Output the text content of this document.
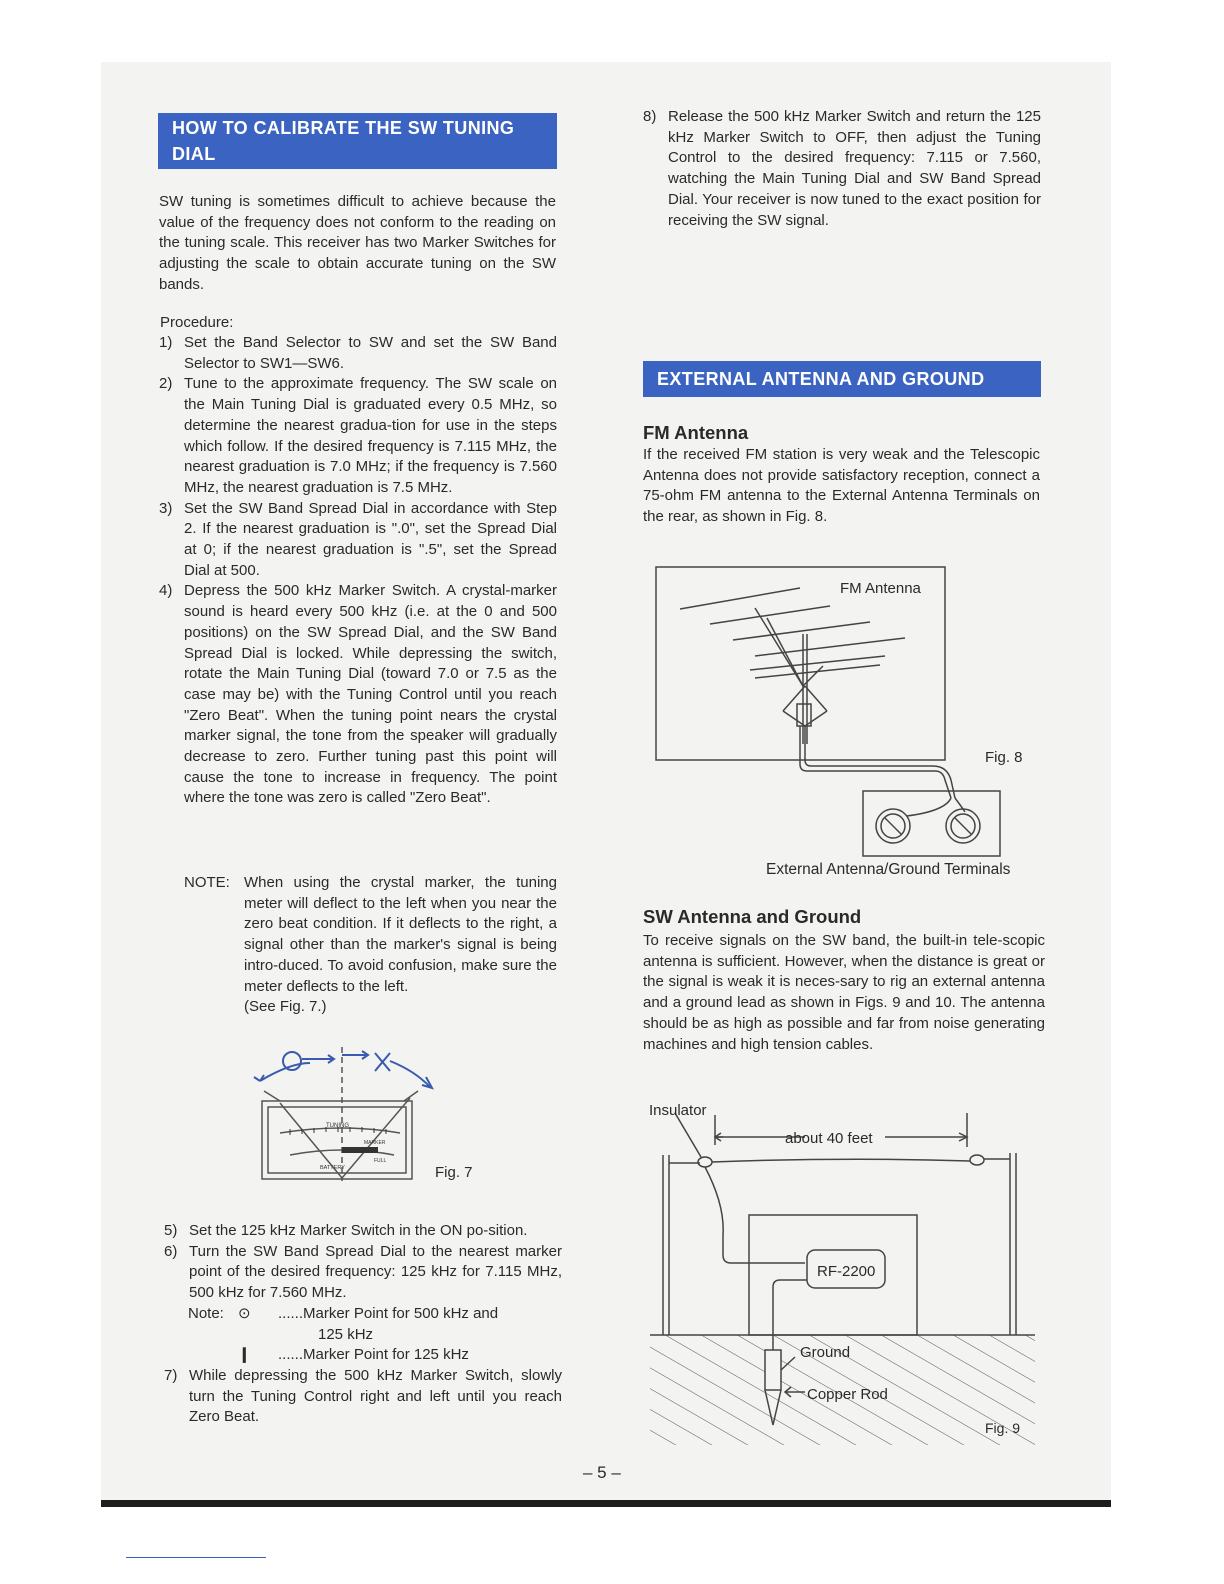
HOW TO CALIBRATE THE SW TUNING DIAL
SW tuning is sometimes difficult to achieve because the value of the frequency does not conform to the reading on the tuning scale. This receiver has two Marker Switches for adjusting the scale to obtain accurate tuning on the SW bands.
Procedure:
1) Set the Band Selector to SW and set the SW Band Selector to SW1—SW6.
2) Tune to the approximate frequency. The SW scale on the Main Tuning Dial is graduated every 0.5 MHz, so determine the nearest gradua-tion for use in the steps which follow. If the desired frequency is 7.115 MHz, the nearest graduation is 7.0 MHz; if the frequency is 7.560 MHz, the nearest graduation is 7.5 MHz.
3) Set the SW Band Spread Dial in accordance with Step 2. If the nearest graduation is ".0", set the Spread Dial at 0; if the nearest graduation is ".5", set the Spread Dial at 500.
4) Depress the 500 kHz Marker Switch. A crystal-marker sound is heard every 500 kHz (i.e. at the 0 and 500 positions) on the SW Spread Dial, and the SW Band Spread Dial is locked. While depressing the switch, rotate the Main Tuning Dial (toward 7.0 or 7.5 as the case may be) with the Tuning Control until you reach "Zero Beat". When the tuning point nears the crystal marker signal, the tone from the speaker will gradually decrease to zero. Further tuning past this point will cause the tone to increase in frequency. The point where the tone was zero is called "Zero Beat".
NOTE: When using the crystal marker, the tuning meter will deflect to the left when you near the zero beat condition. If it deflects to the right, a signal other than the marker's signal is being intro-duced. To avoid confusion, make sure the meter deflects to the left.
(See Fig. 7.)
TUNING
BATTERY
MARKER
FULL
Fig. 7
5) Set the 125 kHz Marker Switch in the ON po-sition.
6) Turn the SW Band Spread Dial to the nearest marker point of the desired frequency: 125 kHz for 7.115 MHz, 500 kHz for 7.560 MHz.
Note: ⊙ ......Marker Point for 500 kHz and
125 kHz
❙ ......Marker Point for 125 kHz
7) While depressing the 500 kHz Marker Switch, slowly turn the Tuning Control right and left until you reach Zero Beat.
8) Release the 500 kHz Marker Switch and return the 125 kHz Marker Switch to OFF, then adjust the Tuning Control to the desired frequency: 7.115 or 7.560, watching the Main Tuning Dial and SW Band Spread Dial. Your receiver is now tuned to the exact position for receiving the SW signal.
EXTERNAL ANTENNA AND GROUND
FM Antenna
If the received FM station is very weak and the Telescopic Antenna does not provide satisfactory reception, connect a 75-ohm FM antenna to the External Antenna Terminals on the rear, as shown in Fig. 8.
FM Antenna
Fig. 8
External Antenna/Ground Terminals
SW Antenna and Ground
To receive signals on the SW band, the built-in tele-scopic antenna is sufficient. However, when the distance is great or the signal is weak it is neces-sary to rig an external antenna and a ground lead as shown in Figs. 9 and 10. The antenna should be as high as possible and far from noise generating machines and high tension cables.
Insulator
about 40 feet
RF-2200
Ground
Copper Rod
Fig. 9
– 5 –
